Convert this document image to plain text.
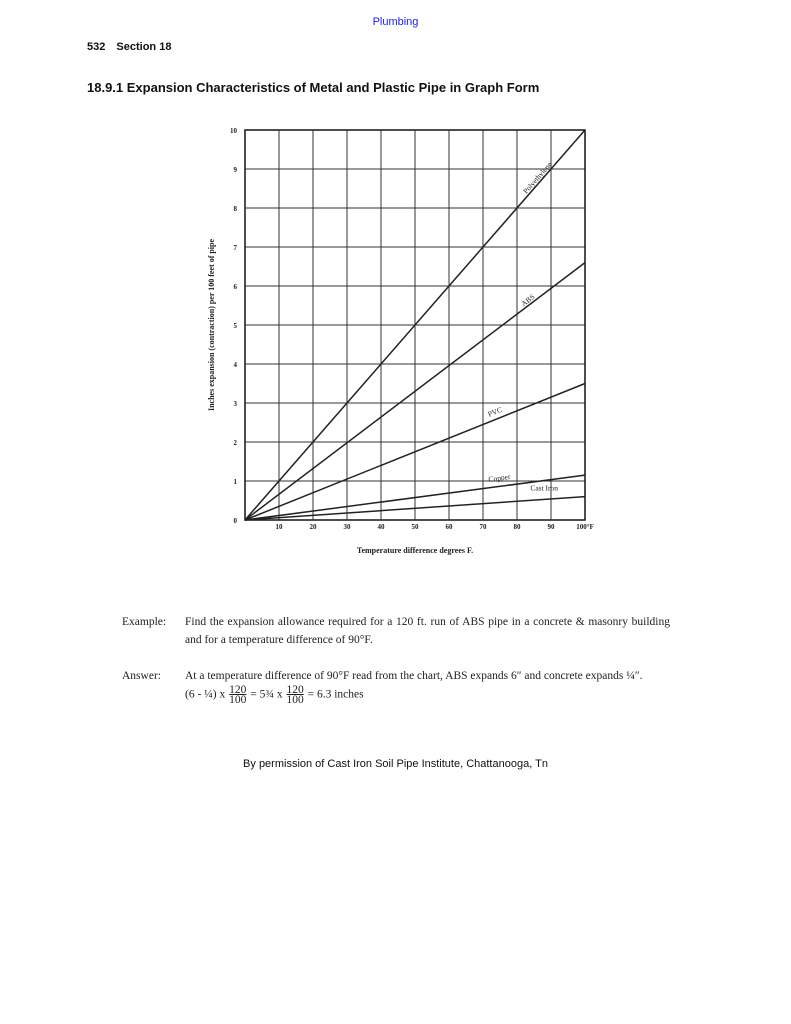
Plumbing
532 Section 18
18.9.1 Expansion Characteristics of Metal and Plastic Pipe in Graph Form
0
1
2
3
4
5
6
7
8
9
10
10	20	30	40	50	60	70	80	90	100°F
Polyethylene
ABS
PVC
Copper
Cast Iron
Temperature difference degrees F.
Inches expansion (contraction) per 100 feet of pipe
Example:	Find the expansion allowance required for a 120 ft. run of ABS pipe in a concrete & masonry building and for a temperature difference of 90°F.
Answer:	At a temperature difference of 90°F read from the chart, ABS expands 6″ and concrete expands ¼″.
(6 - ¼) x $\frac{120}{100}$ = 5¾ x $\frac{120}{100} = 6.3$ inches
By permission of Cast Iron Soil Pipe Institute, Chattanooga, Tn
